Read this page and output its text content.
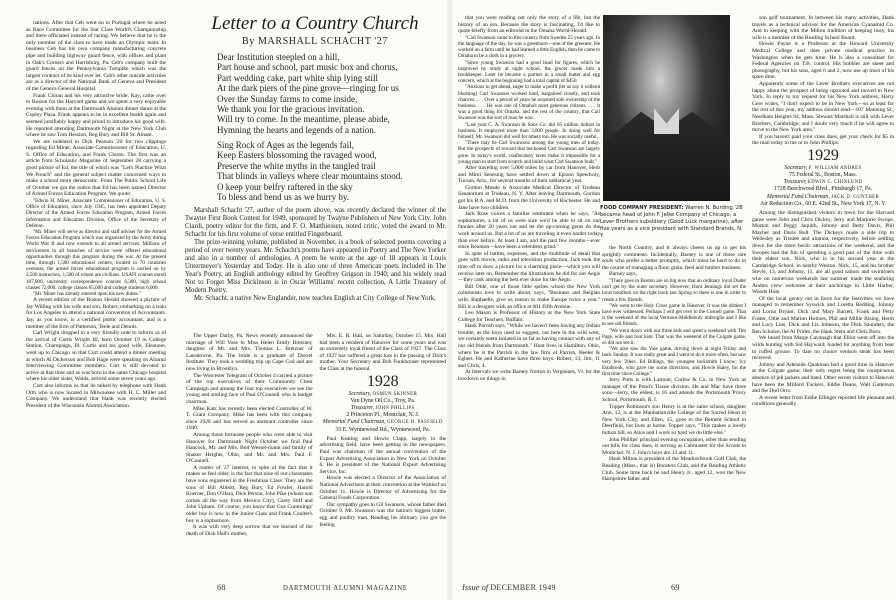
nations. After that Ceb went on to Portugal where he acted as Race Committee for the Star Class World's Championship and there officiated instead of racing. We believe that he is the only member of the class to have made an Olympic team. In business Ceb has his own company manufacturing concrete pipe and building highway guard fence, with offices and plant in Oak's Corners and Harrisburg, Pa. Ceb's company built the guard fences on the Pennsylvania Turnpike which was the largest contract of its kind ever let. Ceb's other outside activities are as a director of the National Bank of Geneva and President of the Geneva General Hospital.

Frank Cloran and his very attractive bride, Kay, came over to Boston for the Harvard game and we spent a very enjoyable evening with them at the Dartmouth Alumni dinner dance at the Copley Plaza. Frank appears to be in excellent health again and seemed justifiably happy and proud to introduce his good wife. He reported attending Dartmouth Night at the New York Club where he saw Tom Hession, Reg Bury and Bill St. Amant.

We are indebted to Dick Pearson '20 for two clippings regarding Ed Miner, Associate Commissioner of Education, U. S. Office of Education, and Frank Cloran. The first was an article from Scholastic Magazine of September 28 carrying a good picture of Ed, the title of which was "Let's Practice What We Preach" and the general subject matter concerned ways to make a school more democratic. From The Public School Life of October we got the notice that Ed has been named Director of Armed Forces Education Program. We quote:

"Edwin H. Miner, Associate Commissioner of Education, U. S. Office of Education, since July 1945, has been appointed Deputy Director of the Armed Forces Education Program, Armed Forces Information and Education Division, Office of the Secretary of Defense.

"Mr. Miner will serve as director and staff adviser for the Armed Forces Education Program which was organized by the Army during World War II and now extends to all armed services. Millions of servicemen in all branches of service were offered educational opportunities through this program during the war. At the present time, through 1,500 educational centers, located in 70 countries overseas, the armed forces educational program is carried on by 2,500 instructors, 1,500 of whom are civilians. USAFI courses enroll 107,000, university correspondence courses 6,300, high school classes 72,000, college classes 65,000 and college students 6,000.

"Mr. Miner has already entered upon his new duties."

A recent edition of the Boston Herald showed a picture of Jay Willing with his wife and son, Robert, embarking on a train for Los Angeles to attend a national convention of Accountants. Jay, as you know, is a certified public accountant, and is a member of the firm of Patterson, Teele and Dennis.

Carl Wright dropped in a very friendly note to inform us of the arrival of Curtis Wright III, born October 19 in College Station, Champaign, Ill. Curtis and his good wife, Eleanore, went up to Chicago so that Curt could attend a dinner meeting at which Al Dickerson and Bob Hage were speaking on Alumni Interviewing Committee members. Curt is still devoted to active at that time and as was born in the same Chicago hospital where his older sister, Walda, arrived some seven years ago.

Curt also informs us that he talked by telephone with Hank Orth who is now located in Milwaukee with H. C. Miller and Company. We understand that Hank was recently elected President of the Wisconsin Alumni Association.

Letter to a Country Church
By MARSHALL SCHACHT '27
Dear Institution steepled on a hill,
Part house and school, part music box and chorus,
Part wedding cake, part white ship lying still
At the dark piers of the pine grove—ringing for us
Over the Sunday farms to come inside,
We thank you for the gracious invitation.
Will try to come. In the meantime, please abide,
Hymning the hearts and legends of a nation.
Sing Rock of Ages as the legends fail,
Keep Easters blossoming the ravaged wood,
Preserve the white myths in the tangled trail
That blinds in valleys where clear mountains stood.
O keep your belfry raftered in the sky
To bless and bend us as we hurry by.

Marshall Schacht '27, author of the poem above, was recently declared the winner of the Twayne First Book Contest for 1949, sponsored by Twayne Publishers of New York City. John Ciardi, poetry editor for the firm, and F. O. Matthiessen, noted critic, voted the award to Mr. Schacht for his first volume of verse entitled Fingerboard.

The prize-winning volume, published in November, is a book of selected poems covering a period of over twenty years. Mr. Schacht's poems have appeared in Poetry and The New Yorker and also in a number of anthologies. A poem he wrote at the age of 18 appears in Louis Untermeyer's Yesterday and Today. He is also one of three American poets included in The Year's Poetry, an English anthology edited by Geoffrey Grigson in 1940; and his widely read Not to Forget Miss Dickinson is in Oscar Williams' recent collection, A Little Treasury of Modern Poetry.

Mr. Schacht, a native New Englander, now teaches English at City College of New York.

The Upper Darby, Pa. News recently announced the marriage of Will Vose to Miss Helen Emily Bretzner, daughter of Mr. and Mrs. Thomas L. Bretzner of Lansdowne, Pa. The bride is a graduate of Drexel Institute. They took a wedding trip up Cape Cod and are now living in Brooklyn.

The Worcester Telegram of October 4 carried a picture of the top executives of their Community Chest Campaign and among the four top executives we see the young and smiling face of Paul O'Connell who is budget chairman.

Mike Katz has recently been elected Controller of W. T. Grant Company. Mike has been with this company since 1928 and has served as assistant controller since 1940.

Among those fortunate people who were able to visit Hanover for Dartmouth Night October we find Paul Hancock, Mr. and Mrs. Bud Wessel-mann and family of Shaker Heights, Ohio, and Mr. and Mrs. Paul F. O'Connell.

A matter of '27 interest, in spite of the fact that it makes us feel older, is the fact that nine of our classmates have sons registered in the Freshman Class. They are the sons of Bill Abbott, Reg Bury, Ed Fowler, Harold Koerner, Don O'Hara, Dick Person, John Pike (whose son comes all the way from Mexico City), Carey Stiff and John Upham. Of course, you know that Gus Cummings' older boy is now in the Junior Class and Frank Coulter's boy is a sophomore.

It was with very deep sorrow that we learned of the death of Dick Hall's mother,

Mrs. E. R. Hall, on Saturday, October 15. Mrs. Hall had been a resident of Hanover for some years and was an extremely loyal friend of the Class of 1927. The Class of 1927 has suffered a great loss in the passing of Dick's mother. Your Secretary and Bob Funkhouser represented the Class at the funeral.

1928

Secretary, OSMUN SKINNER
Van Dyne Oil Co., Troy, Pa.

Treasurer, JOHN PHILLIPS
2 Princeton Pl., Montclair, N. J.

Memorial Fund Chairman, GEORGE H. PASFIELD
33 E. Wynnewood Rd., Wynnewood, Pa.

Paul Keating and Howie Clapp, largely in the advertising field, have been getting in the newspapers. Paul was chairman of the annual convention of the Export Advertising Association in New York on October 6. He is president of the National Export Advertising Service, Inc.

Howie was elected a Director of the Association of National Advertisers at their convention at the Waldorf on October 11. Howie is Director of Advertising for the General Foods Corporation.

Our sympathy goes to Gil Swanson, whose father died October 9. Mr. Swanson was the nation's biggest butter, egg and poultry man. Reading his obituary you got the feeling

that you were reading not only the story of a life, but the history of an era. Because the story is fascinating, I'd like to quote briefly from an editorial in the Omaha World-Herald.

"Carl Swanson came to this country from Sweden 55 years ago. In the language of the day, he was a greenhorn—one of the greenest. He worked on a farm until he had learned a little English, then he came to Omaha to be a clerk in a grocery.

"Since young Swanson had a good head for figures, which he improved by study at night school, the grocer made him a bookkeeper. Later he became a partner in a small butter and egg concern, which at the beginning had a total capital of $450.

"Anxious to get ahead, eager to make a profit (let us say it without blushing) Carl Swanson worked hard, bargained closely, and took chances. . . . Over a period of years he acquired sole ownership of the business. . . . He was one of Omaha's most generous citizens. . . . It was a good thing for Omaha, and the rest of the country, that Carl Swanson was the sort of man he was.

"Last year C. A. Swanson & Sons Co. did 65 million dollars in business. It employed more than 3,000 people. In doing well for himself, Mr. Swanson did well for others too. He was socially useful.

"There may be Carl Swansons among the young men of today. But the prospects of reward that beckoned Carl Swanson are largely gone. In today's world, confiscatory taxes make it impossible for a young man to start from scratch and build what Carl Swanson built."

After traveling over 5,000 miles by car from Hanover, Herb and Mimi Senesnig have settled down at Epsom Speedway, Tucson, Ariz., for several months of their sabbatical year.

Gordon Meade is Associate Medical Director of Trudeau Sanatorium at Trudeau, N. Y. After leaving Dartmouth, Gordon got his B.A. and M.D. from the University of Rochester. He and Jane have two children.

Jack Rose voices a familiar sentiment when he says, "As sophomores, a lot of us were sure we'd be able to sit on our fannies after 20 years out and let the up-coming gents do the work around us. But a lot of us are traveling it even harder today than ever before. At least I am, and the past few months—ever since Reunion—have been a relentless grind."

In spite of battles, expenses, and the multitude of detail that goes with movie, radio and television production, Jack took the time off to draw a picture for a charming piece—which you will receive later on. Remember the illustrations he did for our Aegis—they rank among the best ever done for the Aegis.

Bill Olde, one of those little sprites whom the New York columnists love to write about, says, "Business and Belgian wife, Raphaelle, give us reason to make Europe twice a year." Bill is a designer with an office at 601 Fifth Avenue.

Leo Mason is Professor of History at the New York State College for Teachers, Buffalo.

Hank Parrish says, "While we haven't been having any Indian trouble, as the boys used to suggest, out here in the wild west, we certainly seem isolated in so far as having contact with any of our old friends from Dartmouth." Hunt lives in Hamilton, Ohio, where he is the Parrish in the law firm of Parrish, Beeler & Egbert. He and Katherine have three boys: Robert, 13; Jim, 11 and Chris, 4.

At intervals we write Barney Norton in Vergennes, Vt. for the lowdown on things in

FOOD COMPANY PRESIDENT: Warren N. Burding '28 became head of John F. Jelke Company of Chicago, a Lever Brothers subsidiary (Good Luck margarine), after five years as a vice president with Standard Brands, N. Y.

the North Country, and it always cheers us up to get his sprightly comments. Incidentally, Barney is one of those rare souls who prefer a better promptly, which must be hard to do in the course of managing a flour, grain, feed and lumber business.

Barney says,

"There goes in Boston are so big now that an ordinary loyal Duder can't get by the outer secretary. However, Hunt Jennings did set the local hoodlum on the right track last Spring so there is one in order to create a few friends.

"We went to the Holy Cross game in Hanover. It was the dirtiest I have ever witnessed. Perhaps I will get over to the Cornell game. That is the weekend of the local Vermont-Middlebury imbroglio and I like to see old friends.

"We went down with our three kids and spent a weekend with Tim Page, wife and four kids. That was the weekend of the Colgate game, so did not see it.

"We also saw the Yale game, driving down at night Friday and back Sunday. It was really great and I went to do it more often, but saw very few '28ers. Ed Billings, the youngest locksmith I know; Ivy Estabrook, who gave me some directions, and Howie Haley, for the first time since College."

Jerry Potts is with Lamont, Corliss & Co. in New York as manager of the Pond's Tissue division. He and Mac have three sons—Jerry, the eldest, is 16 and attends the Portsmouth Priory School, Portsmouth, R. I.

Topper Robinson's son Henry is at the same school, daughter Ann, 12, is at the Manhattanville College of the Sacred Heart in New York City, and Ellen, 15, goes to the Bement School in Deerfield, but lives at home. Topper says, "This makes a lovely tuition bill, so Alice and I work so hard we do little else."

John Phillips' principal evening occupation, other than sending out bills for class dues, is serving as Cubmaster for the Scouts in Montclair, N. J. John's boys are 13 and 11.

Hank Milton is president of the Meadowbrook Golf Club, the Reading (Mass., that is) Boosters Club, and the Reading Athletic Club. Some time back he and Henry Jr., aged 12, won the New Hampshire father and

son golf tournament. In between his many activities, Hank travels as a technical advisor for the American Cyanamid Co. And in keeping with the Milton tradition of keeping busy, his wife is a member of the Reading School Board.

Howie Payne is a Professor at the Howard University Medical College and does private medical practice in Washington when he gets time. He is also a consultant for Federal Agencies on T.B. control. His hobbies are skeet and photography, but his sons, aged 6 and 2, now use up most of his spare time.

Apparently some of the Lever Brothers executives are not happy about the prospect of being uprooted and moved to New York. In reply to my request for his New York address, Harry Gere writes, "I don't expect to be in New York—so at least for the rest of this year, my address should read—107 Manning St., Needham Heights 94, Mass. Stewart Marshall is still with Lever Brothers, Cambridge; and I doubt very much if he will agree to move to the New York area."

If you haven't paid your class dues, get your check for $5 in the mail today to me or to John Phillips.

1929

Secretary, F. WILLIAM ANDRES
75 Federal St., Boston, Mass.

Treasurer, EDWIN C. CHINLUND
1728 Beechwood Blvd., Pittsburgh 17, Pa.

Memorial Fund Chairman, JACK D. GUNTHER
Air Reduction Co., 60 E. 42nd St., New York 17, N. Y.

Among the distinguished visitors in town for the Harvard game were John and Chris Dickey, Jerry and Marjorie Swope, Morton and Peggy Jaquith, Johnny and Betty Davis, Phil Mayher and Doris Bull. The Dickeys made a side trip to Wellesley as Trustee and alumna, respectively, before settling down for the more hectic attractions of the weekend, and the Swopes had the fun of spending a good part of the time with their eldest son, Nick, who is in his second year at the Cambridge School, in nearby Weston. Nick, 15, and his brother Stevie, 13, and Johnny, 11, are all good sailors and swimmers who on numerous weekends last summer made the seafaring Andres crew welcome at their anchorage in Little Harbor, Woods Hole.

Of the local gentry out in force for the festivities we have managed to remember Syswick and Loretta Redding, Johnny and Lorna Bryant, Dick and Mary Barrett, Frank and Petty Foster, Ollie and Marion Holmes, Phil and Millie Rising, Herm and Lucy Lins, Dick and Liz Johnson, the Dick Saunders, the Ben Schulze, the Al Prides, the Hank Stein and Chris Born.

We heard from Marge Cavanagh that Elliot went off into the wilds hunting with Sid Hayward, loaded for anything from bear to ruffed grouse. To date no choice venison steak has been received.

Johnny and Adelaide Quakman had a good time in Hanover at the Colgate game; their only regret being the conspicuous absence of jeli jackets and band. Other recent visitors to Hanover have been the Milford Tuckers, Eddie Deans, Walt Gutterson and the Dud Orrs.

A recent letter from Eddie Ellinger reported life pleasant and conditions generally

68	DARTMOUTH ALUMNI MAGAZINE	Issue of DECEMBER 1949	69
